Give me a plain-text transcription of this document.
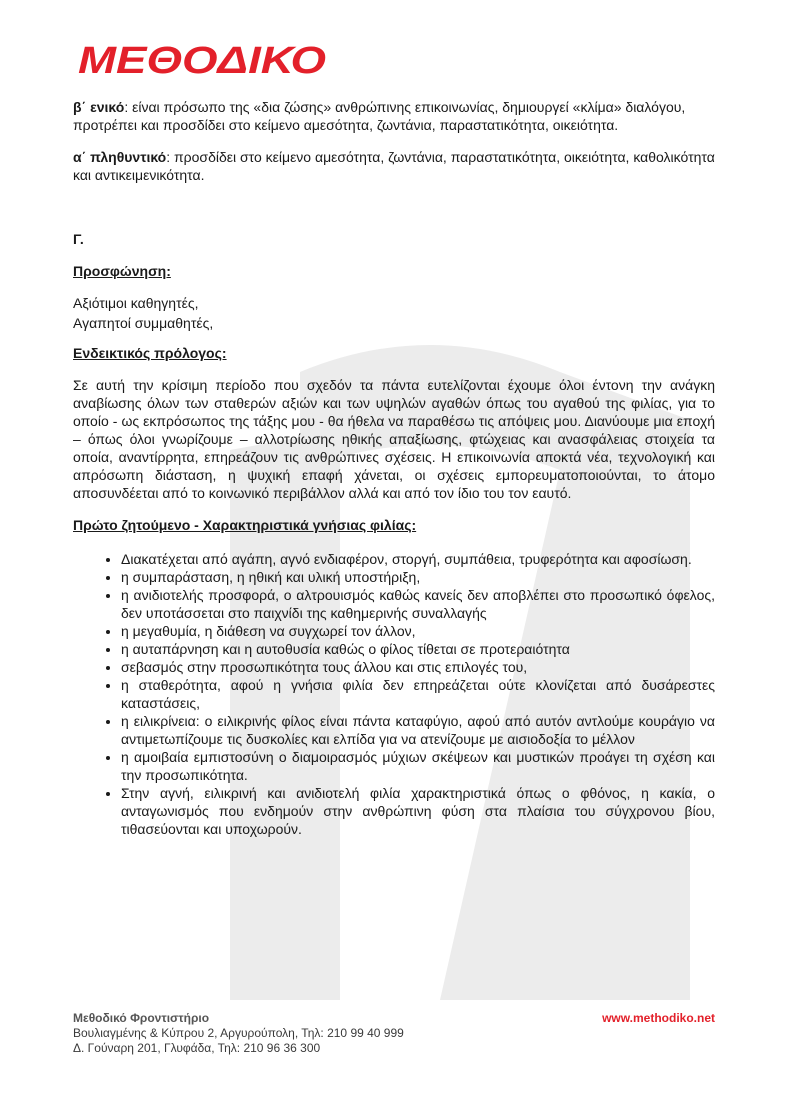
ΜΕΘΟΔΙΚΟ

β΄ ενικό: είναι πρόσωπο της «δια ζώσης» ανθρώπινης επικοινωνίας, δημιουργεί «κλίμα» διαλόγου, προτρέπει και προσδίδει στο κείμενο αμεσότητα, ζωντάνια, παραστατικότητα, οικειότητα.

α΄ πληθυντικό: προσδίδει στο κείμενο αμεσότητα, ζωντάνια, παραστατικότητα, οικειότητα, καθολικότητα και αντικειμενικότητα.

Γ.

Προσφώνηση:

Αξιότιμοι καθηγητές,

Αγαπητοί συμμαθητές,

Ενδεικτικός πρόλογος:

Σε αυτή την κρίσιμη περίοδο που σχεδόν τα πάντα ευτελίζονται έχουμε όλοι έντονη την ανάγκη αναβίωσης όλων των σταθερών αξιών και των υψηλών αγαθών όπως του αγαθού της φιλίας, για το οποίο - ως εκπρόσωπος της τάξης μου - θα ήθελα να παραθέσω τις απόψεις μου. Διανύουμε μια εποχή – όπως όλοι γνωρίζουμε – αλλοτρίωσης ηθικής απαξίωσης, φτώχειας και ανασφάλειας στοιχεία τα οποία, αναντίρρητα, επηρεάζουν τις ανθρώπινες σχέσεις. Η επικοινωνία αποκτά νέα, τεχνολογική και απρόσωπη διάσταση, η ψυχική επαφή χάνεται, οι σχέσεις εμπορευματοποιούνται, το άτομο αποσυνδέεται από το κοινωνικό περιβάλλον αλλά και από τον ίδιο του τον εαυτό.

Πρώτο ζητούμενο - Χαρακτηριστικά γνήσιας φιλίας:

• Διακατέχεται από αγάπη, αγνό ενδιαφέρον, στοργή, συμπάθεια, τρυφερότητα και αφοσίωση.
• η συμπαράσταση, η ηθική και υλική υποστήριξη,
• η ανιδιοτελής προσφορά, ο αλτρουισμός καθώς κανείς δεν αποβλέπει στο προσωπικό όφελος, δεν υποτάσσεται στο παιχνίδι της καθημερινής συναλλαγής
• η μεγαθυμία, η διάθεση να συγχωρεί τον άλλον,
• η αυταπάρνηση και η αυτοθυσία καθώς ο φίλος τίθεται σε προτεραιότητα
• σεβασμός στην προσωπικότητα τους άλλου και στις επιλογές του,
• η σταθερότητα, αφού η γνήσια φιλία δεν επηρεάζεται ούτε κλονίζεται από δυσάρεστες καταστάσεις,
• η ειλικρίνεια: ο ειλικρινής φίλος είναι πάντα καταφύγιο, αφού από αυτόν αντλούμε κουράγιο να αντιμετωπίζουμε τις δυσκολίες και ελπίδα για να ατενίζουμε με αισιοδοξία το μέλλον
• η αμοιβαία εμπιστοσύνη ο διαμοιρασμός μύχιων σκέψεων και μυστικών προάγει τη σχέση και την προσωπικότητα.
• Στην αγνή, ειλικρινή και ανιδιοτελή φιλία χαρακτηριστικά όπως ο φθόνος, η κακία, ο ανταγωνισμός που ενδημούν στην ανθρώπινη φύση στα πλαίσια του σύγχρονου βίου, τιθασεύονται και υποχωρούν.
Μεθοδικό Φροντιστήριο
Βουλιαγμένης & Κύπρου 2, Αργυρούπολη, Τηλ: 210 99 40 999
Δ. Γούναρη 201, Γλυφάδα, Τηλ: 210 96 36 300
www.methodiko.net
